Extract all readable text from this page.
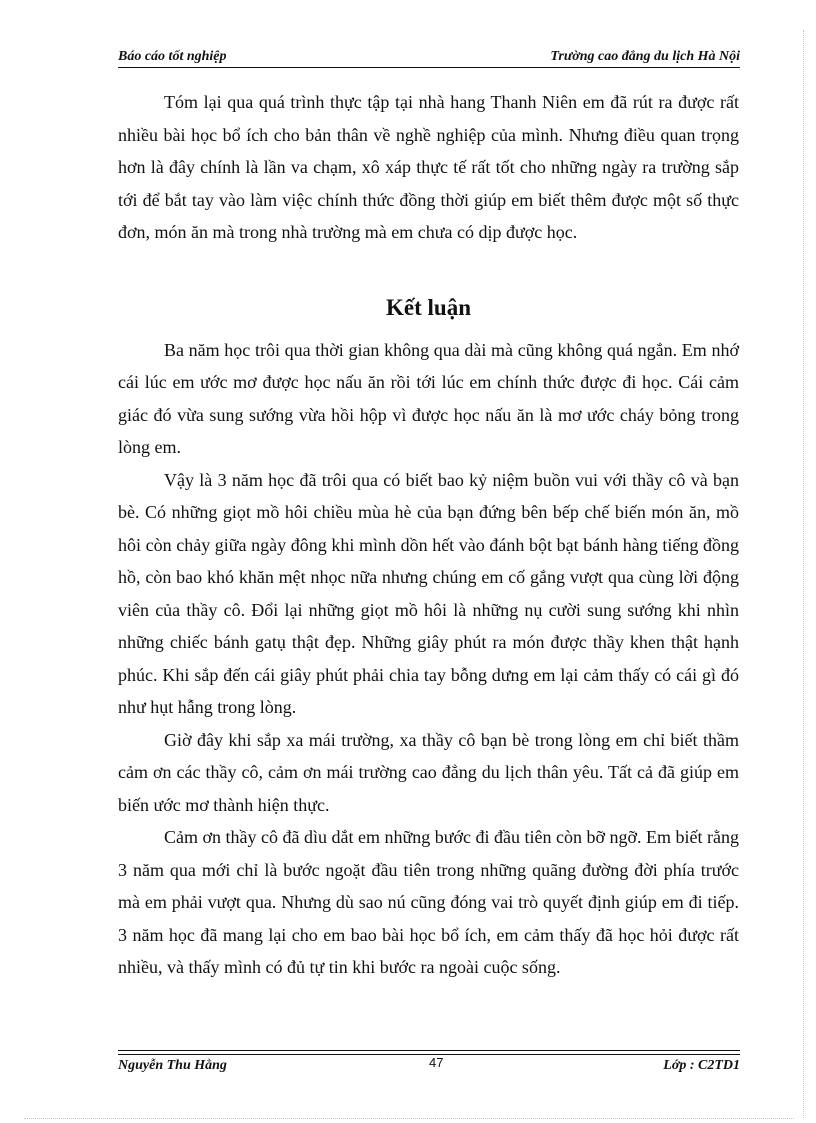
Báo cáo tốt nghiệp	Trường cao đẳng du lịch Hà Nội

Tóm lại qua quá trình thực tập tại nhà hang Thanh Niên em đã rút ra được rất nhiều bài học bổ ích cho bản thân về nghề nghiệp của mình. Nhưng điều quan trọng hơn là đây chính là lần va chạm, xô xáp thực tế rất tốt cho những ngày ra trường sắp tới để bắt tay vào làm việc chính thức đồng thời giúp em biết thêm được một số thực đơn, món ăn mà trong nhà trường mà em chưa có dịp được học.

Kết luận

Ba năm học trôi qua thời gian không qua dài mà cũng không quá ngắn. Em nhớ cái lúc em ước mơ được học nấu ăn rồi tới lúc em chính thức được đi học. Cái cảm giác đó vừa sung sướng vừa hồi hộp vì được học nấu ăn là mơ ước cháy bỏng trong lòng em.

Vậy là 3 năm học đã trôi qua có biết bao kỷ niệm buồn vui với thầy cô và bạn bè. Có những giọt mồ hôi chiều mùa hè của bạn đứng bên bếp chế biến món ăn, mồ hôi còn chảy giữa ngày đông khi mình dồn hết vào đánh bột bạt bánh hàng tiếng đồng hồ, còn bao khó khăn mệt nhọc nữa nhưng chúng em cố gắng vượt qua cùng lời động viên của thầy cô. Đổi lại những giọt mồ hôi là những nụ cười sung sướng khi nhìn những chiếc bánh gatụ thật đẹp. Những giây phút ra món được thầy khen thật hạnh phúc. Khi sắp đến cái giây phút phải chia tay bỗng dưng em lại cảm thấy có cái gì đó như hụt hẫng trong lòng.

Giờ đây khi sắp xa mái trường, xa thầy cô bạn bè trong lòng em chỉ biết thầm cảm ơn các thầy cô, cảm ơn mái trường cao đẳng du lịch thân yêu. Tất cả đã giúp em biến ước mơ thành hiện thực.

Cảm ơn thầy cô đã dìu dắt em những bước đi đầu tiên còn bỡ ngỡ. Em biết rằng 3 năm qua mới chỉ là bước ngoặt đầu tiên trong những quãng đường đời phía trước mà em phải vượt qua. Nhưng dù sao nú cũng đóng vai trò quyết định giúp em đi tiếp. 3 năm học đã mang lại cho em bao bài học bổ ích, em cảm thấy đã học hỏi được rất nhiều, và thấy mình có đủ tự tin khi bước ra ngoài cuộc sống.

Nguyễn Thu Hằng	47	Lớp : C2TD1
